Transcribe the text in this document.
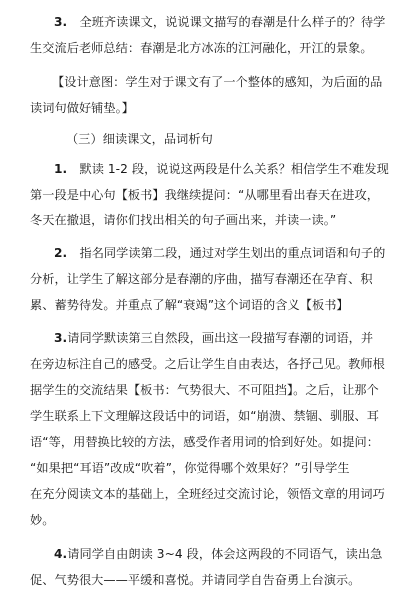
3.　全班齐读课文，说说课文描写的春潮是什么样子的？待学
生交流后老师总结：春潮是北方冰冻的江河融化，开江的景象。
【设计意图：学生对于课文有了一个整体的感知，为后面的品
读词句做好铺垫。】
（三）细读课文，品词析句
1.　默读 1-2 段，说说这两段是什么关系？相信学生不难发现
第一段是中心句【板书】我继续提问：“从哪里看出春天在进攻，
冬天在撤退，请你们找出相关的句子画出来，并读一读。”
2.　指名同学读第二段，通过对学生划出的重点词语和句子的
分析，让学生了解这部分是春潮的序曲，描写春潮还在孕育、积
累、蓄势待发。并重点了解“衰竭”这个词语的含义【板书】
3.请同学默读第三自然段，画出这一段描写春潮的词语，并
在旁边标注自己的感受。之后让学生自由表达，各抒己见。教师根
据学生的交流结果【板书：气势很大、不可阻挡】。之后，让那个
学生联系上下文理解这段话中的词语，如“崩溃、禁锢、驯服、耳
语“等，用替换比较的方法，感受作者用词的恰到好处。如提问：
“如果把“耳语”改成“吹着”，你觉得哪个效果好？”引导学生
在充分阅读文本的基础上，全班经过交流讨论，领悟文章的用词巧
妙。
4.请同学自由朗读 3~4 段，体会这两段的不同语气，读出急
促、气势很大——平缓和喜悦。并请同学自告奋勇上台演示。
